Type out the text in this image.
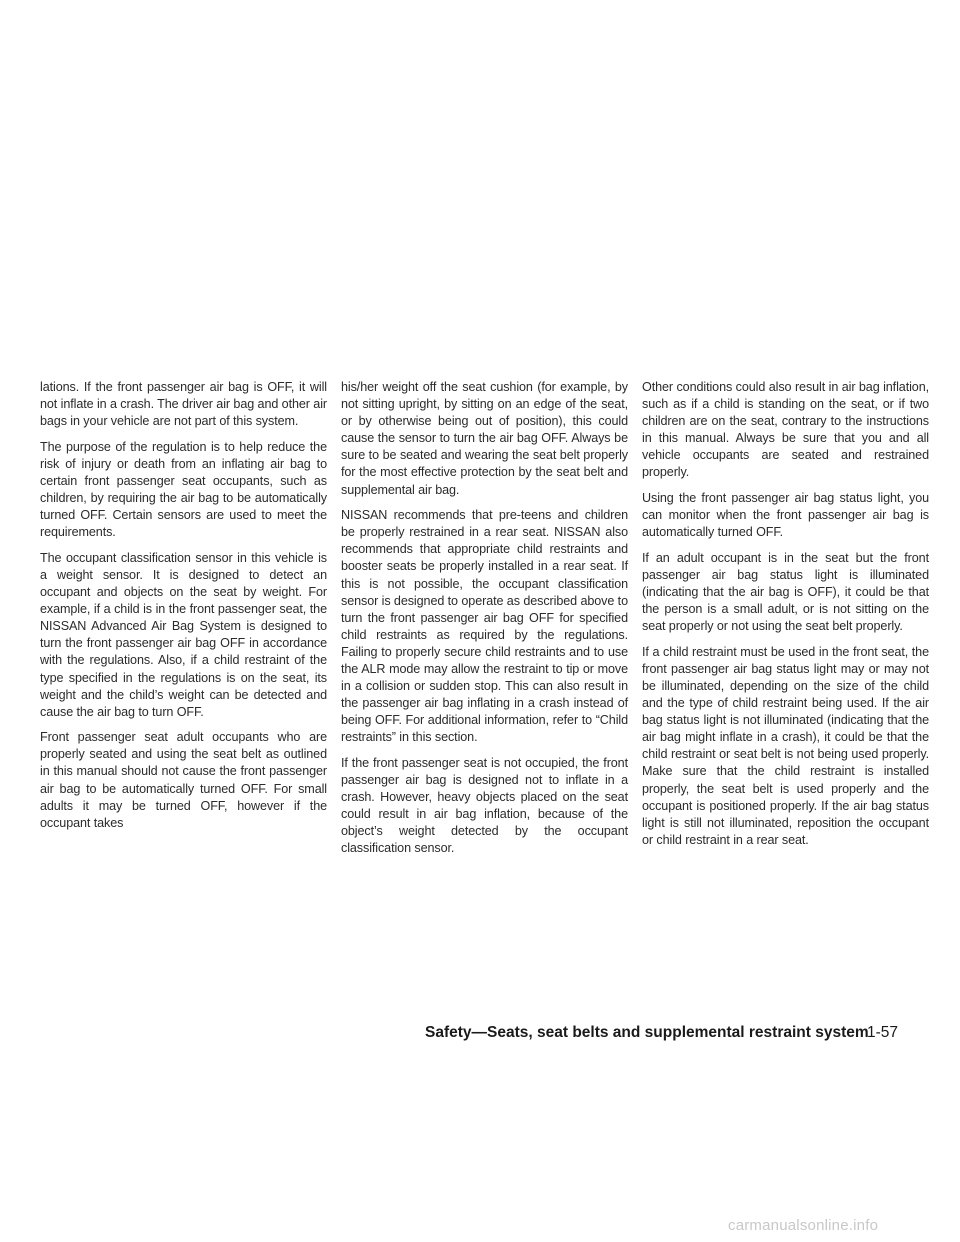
lations. If the front passenger air bag is OFF, it will not inflate in a crash. The driver air bag and other air bags in your vehicle are not part of this system.

The purpose of the regulation is to help reduce the risk of injury or death from an inflating air bag to certain front passenger seat occupants, such as children, by requiring the air bag to be automatically turned OFF. Certain sensors are used to meet the requirements.

The occupant classification sensor in this vehicle is a weight sensor. It is designed to detect an occupant and objects on the seat by weight. For example, if a child is in the front passenger seat, the NISSAN Advanced Air Bag System is designed to turn the front passenger air bag OFF in accordance with the regulations. Also, if a child restraint of the type specified in the regulations is on the seat, its weight and the child’s weight can be detected and cause the air bag to turn OFF.

Front passenger seat adult occupants who are properly seated and using the seat belt as outlined in this manual should not cause the front passenger air bag to be automatically turned OFF. For small adults it may be turned OFF, however if the occupant takes

his/her weight off the seat cushion (for example, by not sitting upright, by sitting on an edge of the seat, or by otherwise being out of position), this could cause the sensor to turn the air bag OFF. Always be sure to be seated and wearing the seat belt properly for the most effective protection by the seat belt and supplemental air bag.

NISSAN recommends that pre-teens and children be properly restrained in a rear seat. NISSAN also recommends that appropriate child restraints and booster seats be properly installed in a rear seat. If this is not possible, the occupant classification sensor is designed to operate as described above to turn the front passenger air bag OFF for specified child restraints as required by the regulations. Failing to properly secure child restraints and to use the ALR mode may allow the restraint to tip or move in a collision or sudden stop. This can also result in the passenger air bag inflating in a crash instead of being OFF. For additional information, refer to “Child restraints” in this section.

If the front passenger seat is not occupied, the front passenger air bag is designed not to inflate in a crash. However, heavy objects placed on the seat could result in air bag inflation, because of the object’s weight detected by the occupant classification sensor.

Other conditions could also result in air bag inflation, such as if a child is standing on the seat, or if two children are on the seat, contrary to the instructions in this manual. Always be sure that you and all vehicle occupants are seated and restrained properly.

Using the front passenger air bag status light, you can monitor when the front passenger air bag is automatically turned OFF.

If an adult occupant is in the seat but the front passenger air bag status light is illuminated (indicating that the air bag is OFF), it could be that the person is a small adult, or is not sitting on the seat properly or not using the seat belt properly.

If a child restraint must be used in the front seat, the front passenger air bag status light may or may not be illuminated, depending on the size of the child and the type of child restraint being used. If the air bag status light is not illuminated (indicating that the air bag might inflate in a crash), it could be that the child restraint or seat belt is not being used properly. Make sure that the child restraint is installed properly, the seat belt is used properly and the occupant is positioned properly. If the air bag status light is still not illuminated, reposition the occupant or child restraint in a rear seat.

Safety—Seats, seat belts and supplemental restraint system
1-57
carmanualsonline.info
